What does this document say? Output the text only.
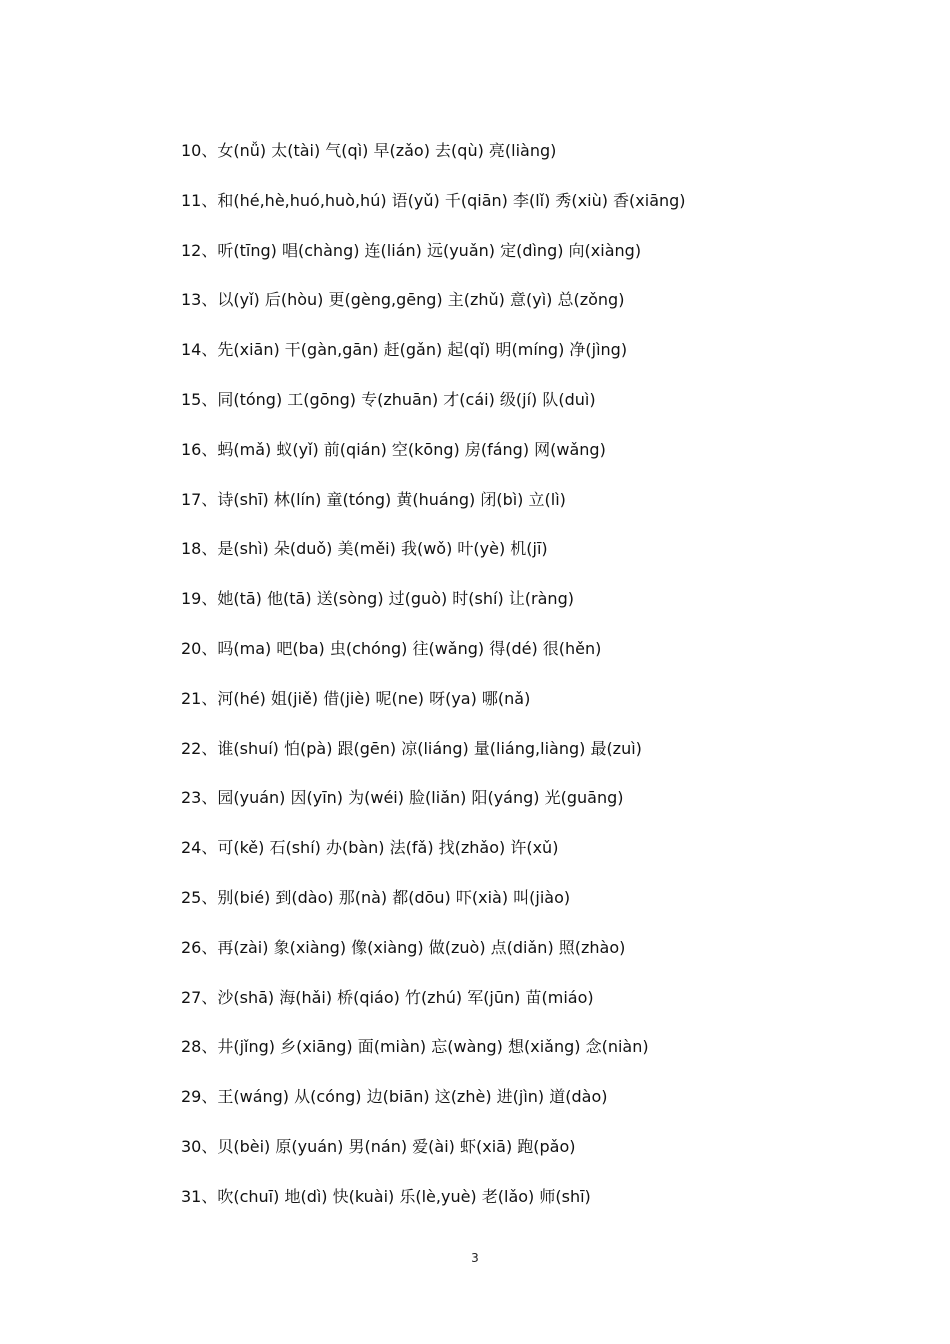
10、女(nǚ) 太(tài) 气(qì) 早(zǎo) 去(qù) 亮(liàng)
11、和(hé,hè,huó,huò,hú) 语(yǔ) 千(qiān) 李(lǐ) 秀(xiù) 香(xiāng)
12、听(tīng) 唱(chàng) 连(lián) 远(yuǎn) 定(dìng) 向(xiàng)
13、以(yǐ) 后(hòu) 更(gèng,gēng) 主(zhǔ) 意(yì) 总(zǒng)
14、先(xiān) 干(gàn,gān) 赶(gǎn) 起(qǐ) 明(míng) 净(jìng)
15、同(tóng) 工(gōng) 专(zhuān) 才(cái) 级(jí) 队(duì)
16、蚂(mǎ) 蚁(yǐ) 前(qián) 空(kōng) 房(fáng) 网(wǎng)
17、诗(shī) 林(lín) 童(tóng) 黄(huáng) 闭(bì) 立(lì)
18、是(shì) 朵(duǒ) 美(měi) 我(wǒ) 叶(yè) 机(jī)
19、她(tā) 他(tā) 送(sòng) 过(guò) 时(shí) 让(ràng)
20、吗(ma) 吧(ba) 虫(chóng) 往(wǎng) 得(dé) 很(hěn)
21、河(hé) 姐(jiě) 借(jiè) 呢(ne) 呀(ya) 哪(nǎ)
22、谁(shuí) 怕(pà) 跟(gēn) 凉(liáng) 量(liáng,liàng) 最(zuì)
23、园(yuán) 因(yīn) 为(wéi) 脸(liǎn) 阳(yáng) 光(guāng)
24、可(kě) 石(shí) 办(bàn) 法(fǎ) 找(zhǎo) 许(xǔ)
25、别(bié) 到(dào) 那(nà) 都(dōu) 吓(xià) 叫(jiào)
26、再(zài) 象(xiàng) 像(xiàng) 做(zuò) 点(diǎn) 照(zhào)
27、沙(shā) 海(hǎi) 桥(qiáo) 竹(zhú) 军(jūn) 苗(miáo)
28、井(jǐng) 乡(xiāng) 面(miàn) 忘(wàng) 想(xiǎng) 念(niàn)
29、王(wáng) 从(cóng) 边(biān) 这(zhè) 进(jìn) 道(dào)
30、贝(bèi) 原(yuán) 男(nán) 爱(ài) 虾(xiā) 跑(pǎo)
31、吹(chuī) 地(dì) 快(kuài) 乐(lè,yuè) 老(lǎo) 师(shī)
3
